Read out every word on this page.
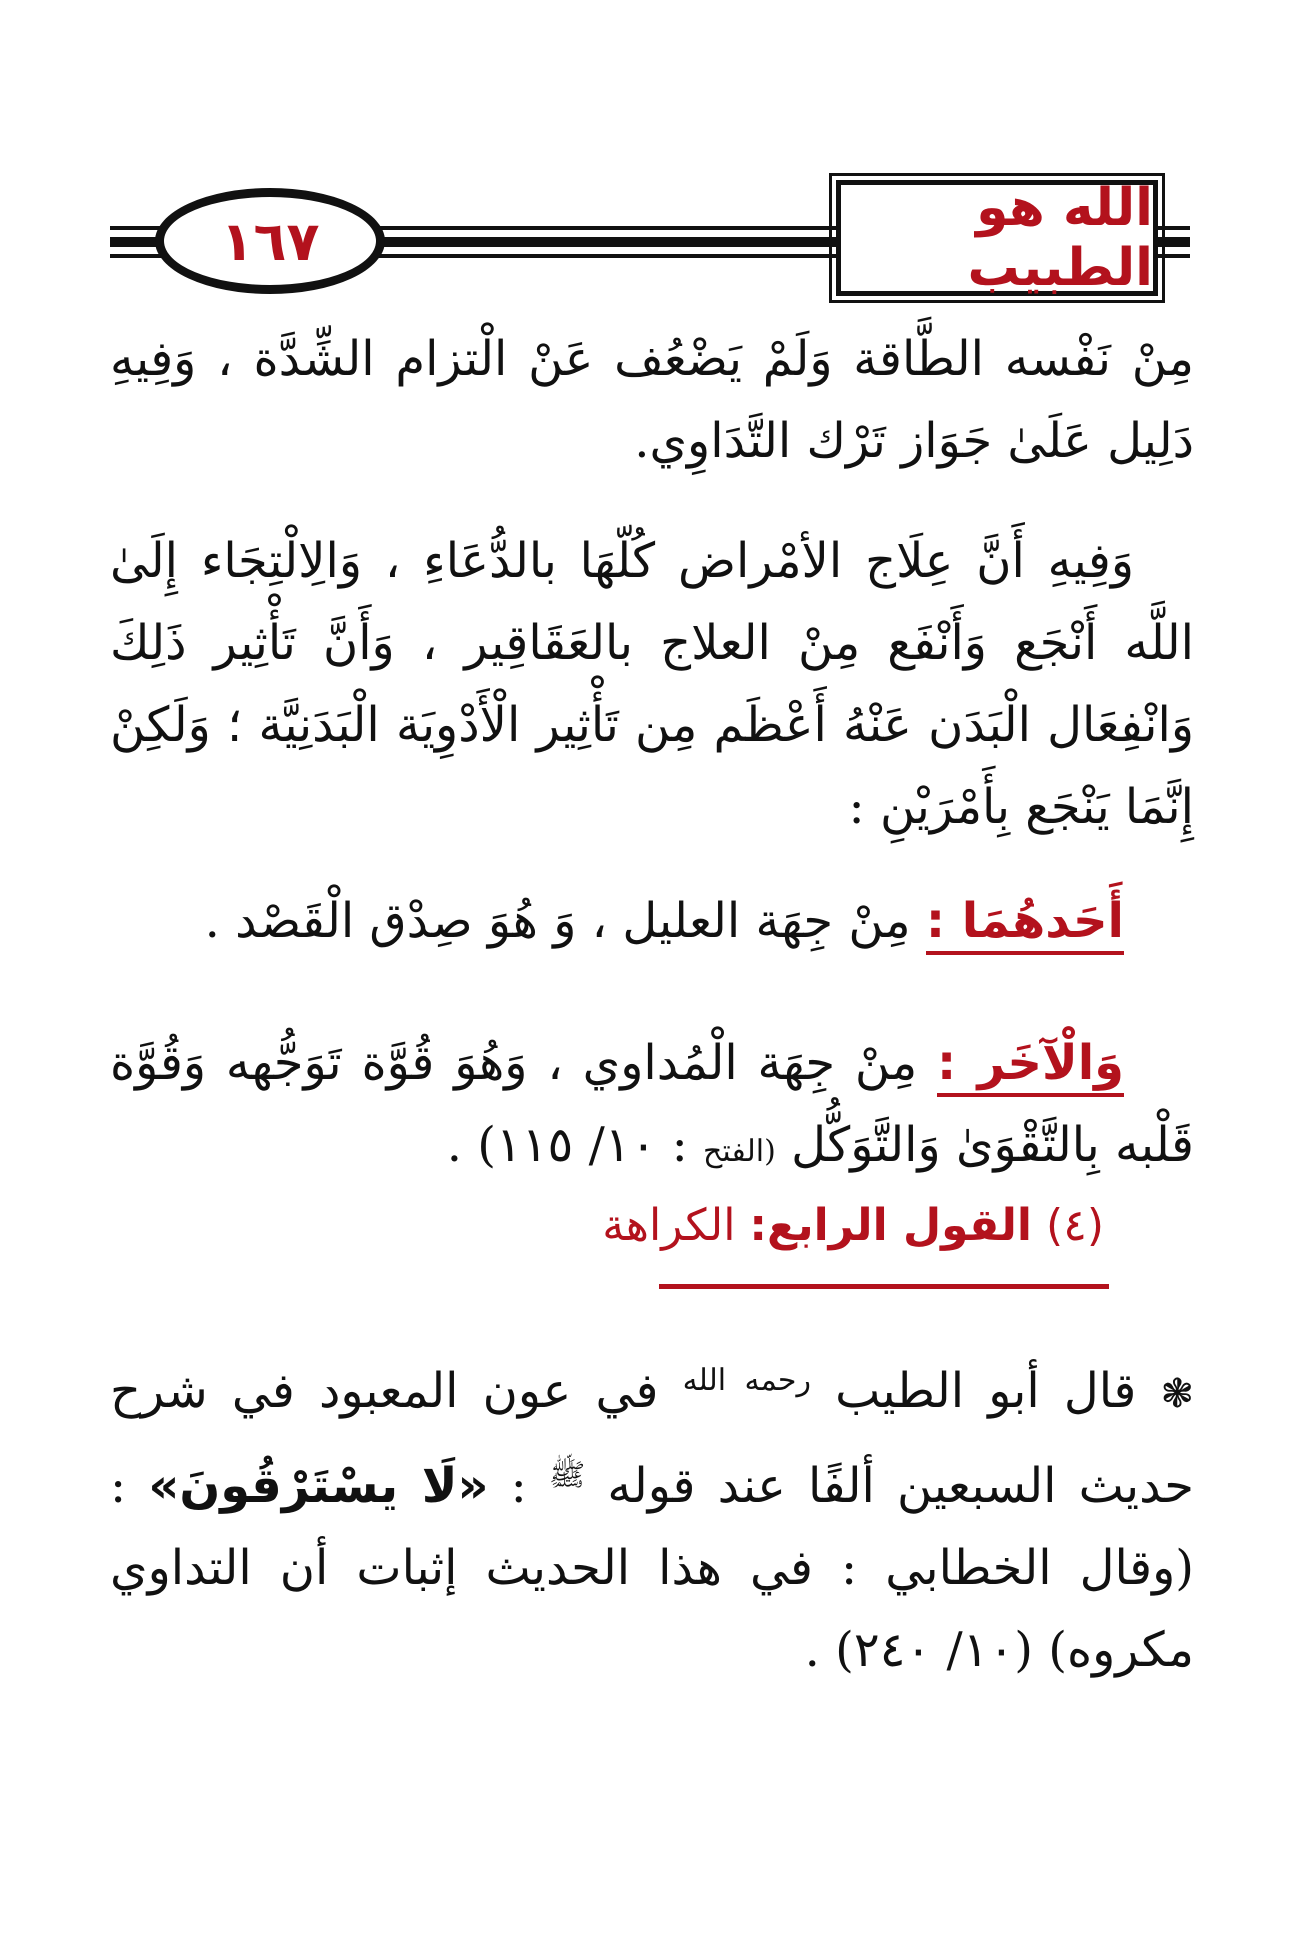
١٦٧
الله هو الطبيب

مِنْ نَفْسه الطَّاقة وَلَمْ يَضْعُف عَنْ الْتزام الشِّدَّة ، وَفِيهِ دَلِيل عَلَىٰ جَوَاز تَرْك التَّدَاوِي.

وَفِيهِ أَنَّ عِلَاج الأمْراض كُلّهَا بالدُّعَاءِ ، وَالِالْتِجَاء إِلَىٰ اللَّه أَنْجَع وَأَنْفَع مِنْ العلاج بالعَقَاقِير ، وَأَنَّ تَأْثِير ذَلِكَ وَانْفِعَال الْبَدَن عَنْهُ أَعْظَم مِن تَأْثِير الْأَدْوِيَة الْبَدَنِيَّة ؛ وَلَكِنْ إِنَّمَا يَنْجَع بِأَمْرَيْنِ :

أَحَدهُمَا : مِنْ جِهَة العليل ، وَ هُوَ صِدْق الْقَصْد .

وَالْآخَر : مِنْ جِهَة الْمُداوي ، وَهُوَ قُوَّة تَوَجُّهه وَقُوَّة قَلْبه بِالتَّقْوَىٰ وَالتَّوَكُّل (الفتح : ١٠/ ١١٥) .

(٤) القول الرابع: الكراهة

❃ قال أبو الطيب $^{رحمه الله}$ في عون المعبود في شرح حديث السبعين ألفًا عند قوله $^ﷺ$ : «لَا يسْتَرْقُونَ» : (وقال الخطابي : في هذا الحديث إثبات أن التداوي مكروه) (١٠/ ٢٤٠) .
